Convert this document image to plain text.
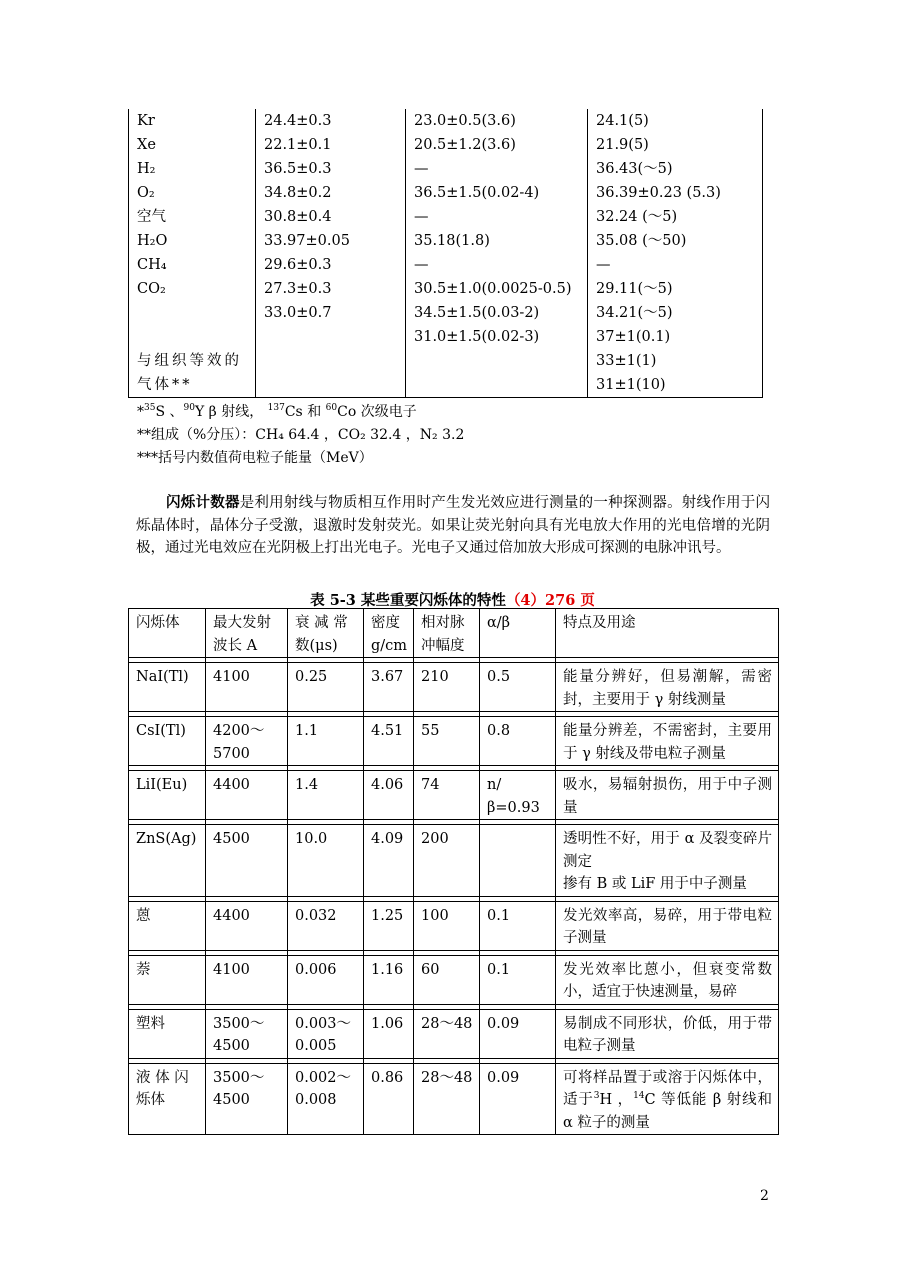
Kr	24.4±0.3	23.0±0.5(3.6)	24.1(5)
Xe	22.1±0.1	20.5±1.2(3.6)	21.9(5)
H₂	36.5±0.3	—	36.43(～5)
O₂	34.8±0.2	36.5±1.5(0.02-4)	36.39±0.23 (5.3)
空气	30.8±0.4	—	32.24 (～5)
H₂O	33.97±0.05	35.18(1.8)	35.08 (～50)
CH₄	29.6±0.3	—	—
CO₂	27.3±0.3	30.5±1.0(0.0025-0.5)	29.11(～5)
	33.0±0.7	34.5±1.5(0.03-2)	34.21(～5)
		31.0±1.5(0.02-3)	37±1(0.1)
与组织等效的			33±1(1)
气体**			31±1(10)
*$^{35}$S 、$^{90}$Y β 射线， $^{137}$Cs 和 $^{60}$Co 次级电子
**组成（%分压）：CH₄ 64.4 ，CO₂ 32.4 ，N₂ 3.2
***括号内数值荷电粒子能量（MeV）
闪烁计数器是利用射线与物质相互作用时产生发光效应进行测量的一种探测器。射线作用于闪烁晶体时，晶体分子受激，退激时发射荧光。如果让荧光射向具有光电放大作用的光电倍增的光阴极，通过光电效应在光阴极上打出光电子。光电子又通过倍加放大形成可探测的电脉冲讯号。
表 5-3 某些重要闪烁体的特性（4）276 页
闪烁体	最大发射波长 A	衰 减 常数(μs)	密度 g/cm	相对脉冲幅度	α/β	特点及用途

NaI(Tl)	4100	0.25	3.67	210	0.5	能量分辨好，但易潮解，需密封，主要用于 γ 射线测量

CsI(Tl)	4200～ 5700	1.1	4.51	55	0.8	能量分辨差，不需密封，主要用于 γ 射线及带电粒子测量

LiI(Eu)	4400	1.4	4.06	74	n/β=0.93	吸水，易辐射损伤，用于中子测量

ZnS(Ag)	4500	10.0	4.09	200		透明性不好，用于 α 及裂变碎片测定
掺有 B 或 LiF 用于中子测量

蒽	4400	0.032	1.25	100	0.1	发光效率高，易碎，用于带电粒子测量

萘	4100	0.006	1.16	60	0.1	发光效率比蒽小，但衰变常数小，适宜于快速测量，易碎

塑料	3500～ 4500	0.003～ 0.005	1.06	28～48	0.09	易制成不同形状，价低，用于带电粒子测量

液 体 闪 烁体	3500～ 4500	0.002～ 0.008	0.86	28～48	0.09	可将样品置于或溶于闪烁体中，适于$^3$H ，$^{14}$C 等低能 β 射线和 α 粒子的测量
2
